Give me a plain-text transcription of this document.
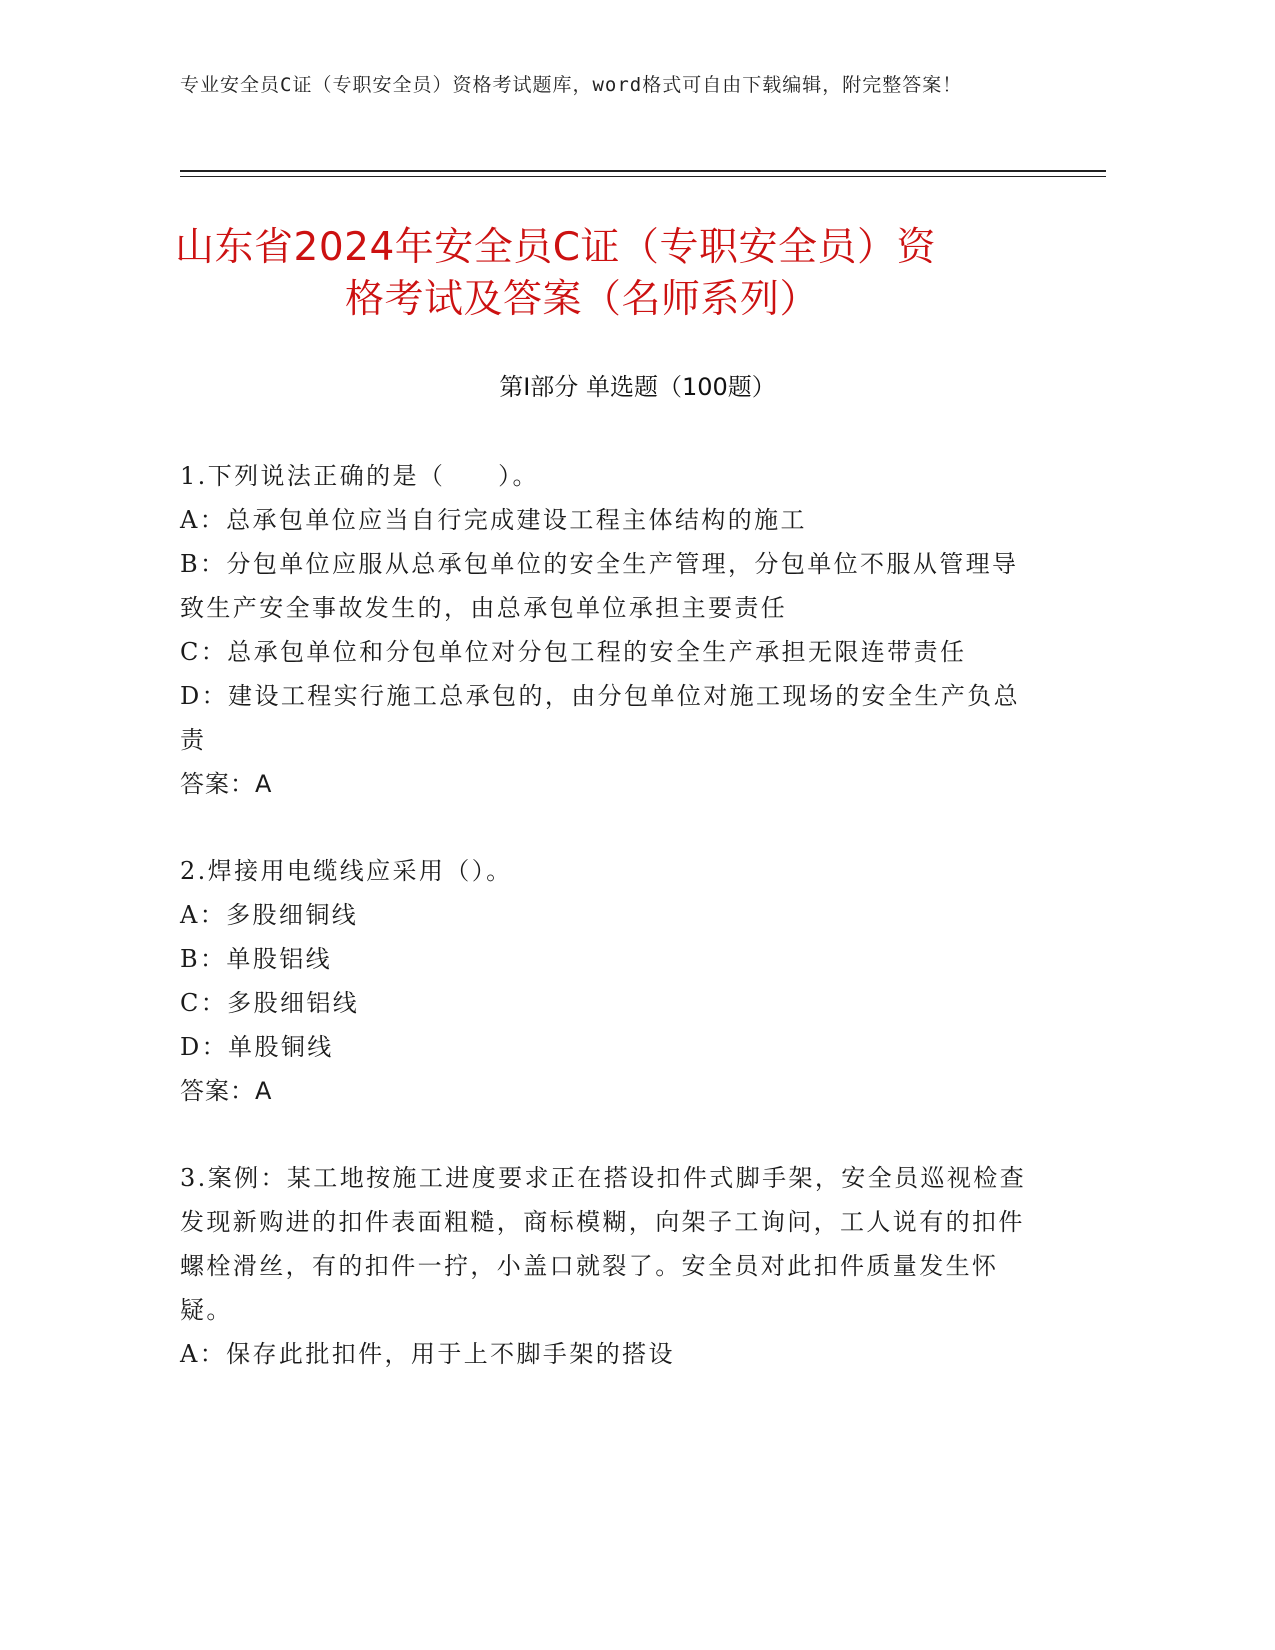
专业安全员C证（专职安全员）资格考试题库，word格式可自由下载编辑，附完整答案！
山东省2024年安全员C证（专职安全员）资
格考试及答案（名师系列）
第Ⅰ部分 单选题（100题）
1.下列说法正确的是（　　）。
A：总承包单位应当自行完成建设工程主体结构的施工
B：分包单位应服从总承包单位的安全生产管理，分包单位不服从管理导致生产安全事故发生的，由总承包单位承担主要责任
C：总承包单位和分包单位对分包工程的安全生产承担无限连带责任
D：建设工程实行施工总承包的，由分包单位对施工现场的安全生产负总责
答案：A
2.焊接用电缆线应采用（）。
A：多股细铜线
B：单股铝线
C：多股细铝线
D：单股铜线
答案：A
3.案例：某工地按施工进度要求正在搭设扣件式脚手架，安全员巡视检查发现新购进的扣件表面粗糙，商标模糊，向架子工询问，工人说有的扣件螺栓滑丝，有的扣件一拧，小盖口就裂了。安全员对此扣件质量发生怀疑。
A：保存此批扣件，用于上不脚手架的搭设
